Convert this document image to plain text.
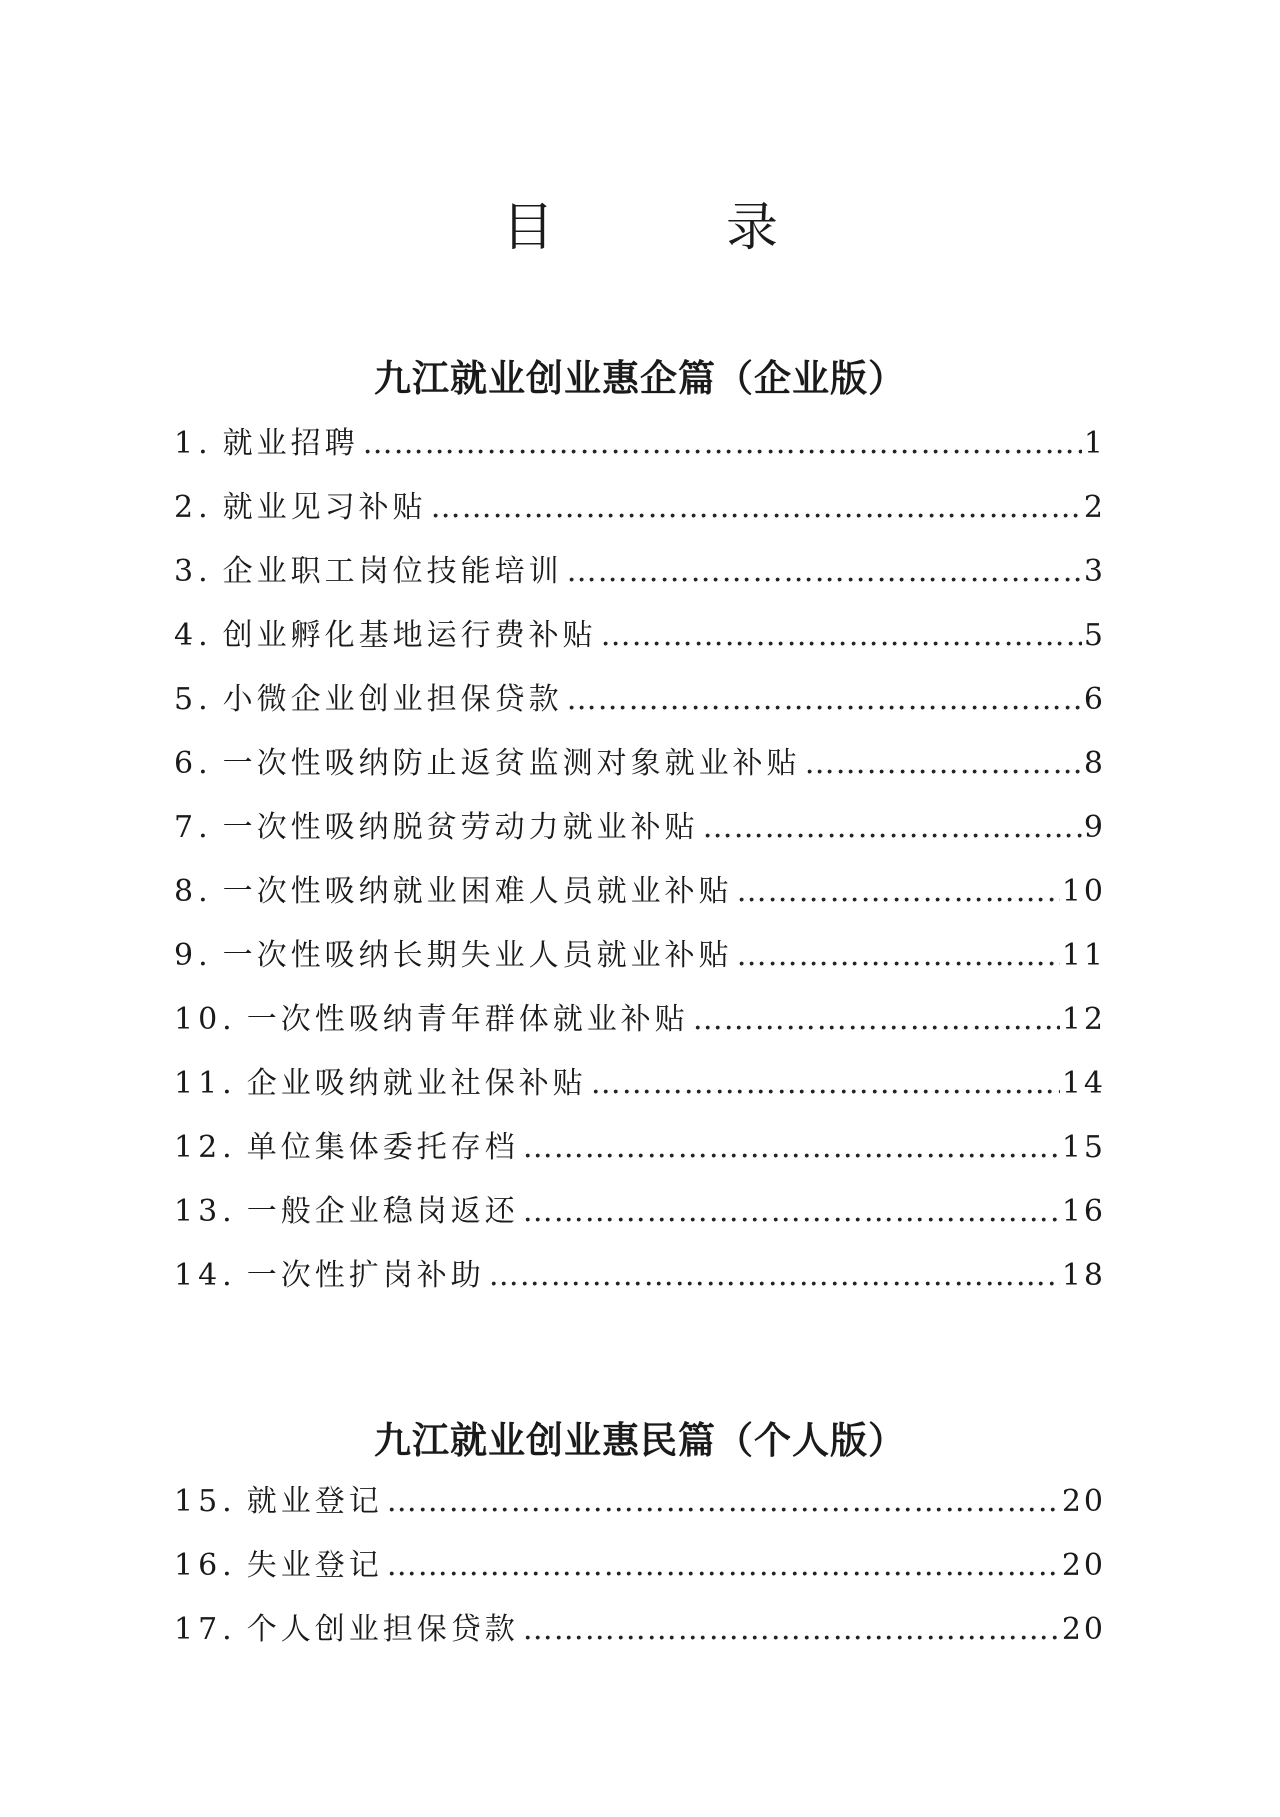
目　录
九江就业创业惠企篇（企业版）
1. 就业招聘 ………………………………………………………………………………………………………………………………………………	1
2. 就业见习补贴 ………………………………………………………………………………………………………………………………………………	2
3. 企业职工岗位技能培训 ………………………………………………………………………………………………………………………………………………	3
4. 创业孵化基地运行费补贴 ………………………………………………………………………………………………………………………………………………	5
5. 小微企业创业担保贷款 ………………………………………………………………………………………………………………………………………………	6
6. 一次性吸纳防止返贫监测对象就业补贴 ………………………………………………………………………………………………………………………………………………	8
7. 一次性吸纳脱贫劳动力就业补贴 ………………………………………………………………………………………………………………………………………………	9
8. 一次性吸纳就业困难人员就业补贴 ………………………………………………………………………………………………………………………………………………	10
9. 一次性吸纳长期失业人员就业补贴 ………………………………………………………………………………………………………………………………………………	11
10. 一次性吸纳青年群体就业补贴 ………………………………………………………………………………………………………………………………………………	12
11. 企业吸纳就业社保补贴 ………………………………………………………………………………………………………………………………………………	14
12. 单位集体委托存档 ………………………………………………………………………………………………………………………………………………	15
13. 一般企业稳岗返还 ………………………………………………………………………………………………………………………………………………	16
14. 一次性扩岗补助 ………………………………………………………………………………………………………………………………………………	18
九江就业创业惠民篇（个人版）
15. 就业登记 ………………………………………………………………………………………………………………………………………………	20
16. 失业登记 ………………………………………………………………………………………………………………………………………………	20
17. 个人创业担保贷款 ………………………………………………………………………………………………………………………………………………	20
